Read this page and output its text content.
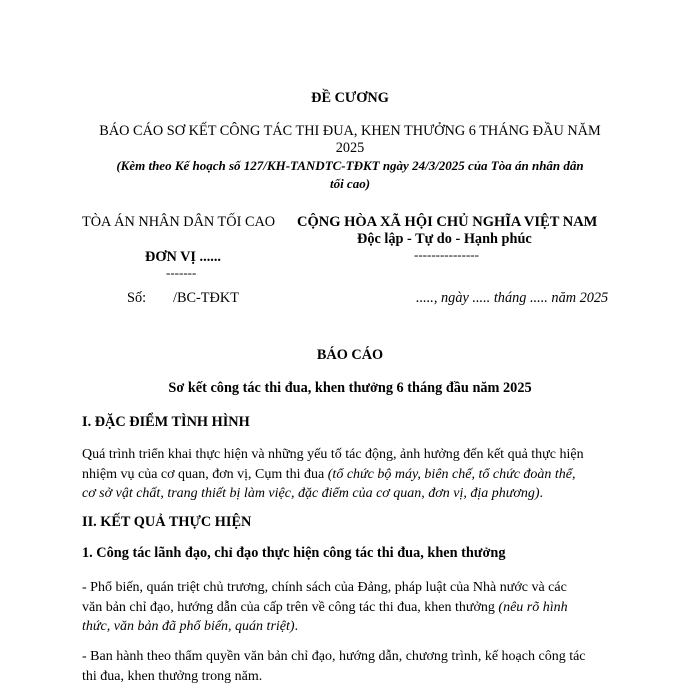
ĐỀ CƯƠNG
BÁO CÁO SƠ KẾT CÔNG TÁC THI ĐUA, KHEN THƯỞNG 6 THÁNG ĐẦU NĂM
2025
(Kèm theo Kế hoạch số 127/KH-TANDTC-TĐKT ngày 24/3/2025 của Tòa án nhân dân
tối cao)
TÒA ÁN NHÂN DÂN TỐI CAO
ĐƠN VỊ ......
-------
CỘNG HÒA XÃ HỘI CHỦ NGHĨA VIỆT NAM
Độc lập - Tự do - Hạnh phúc
---------------
Số: /BC-TĐKT	....., ngày ..... tháng ..... năm 2025
BÁO CÁO
Sơ kết công tác thi đua, khen thưởng 6 tháng đầu năm 2025
I. ĐẶC ĐIỂM TÌNH HÌNH

Quá trình triển khai thực hiện và những yếu tố tác động, ảnh hưởng đến kết quả thực hiện

nhiệm vụ của cơ quan, đơn vị, Cụm thi đua (tổ chức bộ máy, biên chế, tổ chức đoàn thể,

cơ sở vật chất, trang thiết bị làm việc, đặc điểm của cơ quan, đơn vị, địa phương).

II. KẾT QUẢ THỰC HIỆN
1. Công tác lãnh đạo, chỉ đạo thực hiện công tác thi đua, khen thưởng

- Phổ biến, quán triệt chủ trương, chính sách của Đảng, pháp luật của Nhà nước và các

văn bản chỉ đạo, hướng dẫn của cấp trên về công tác thi đua, khen thưởng (nêu rõ hình

thức, văn bản đã phổ biến, quán triệt).

- Ban hành theo thẩm quyền văn bản chỉ đạo, hướng dẫn, chương trình, kế hoạch công tác

thi đua, khen thưởng trong năm.
